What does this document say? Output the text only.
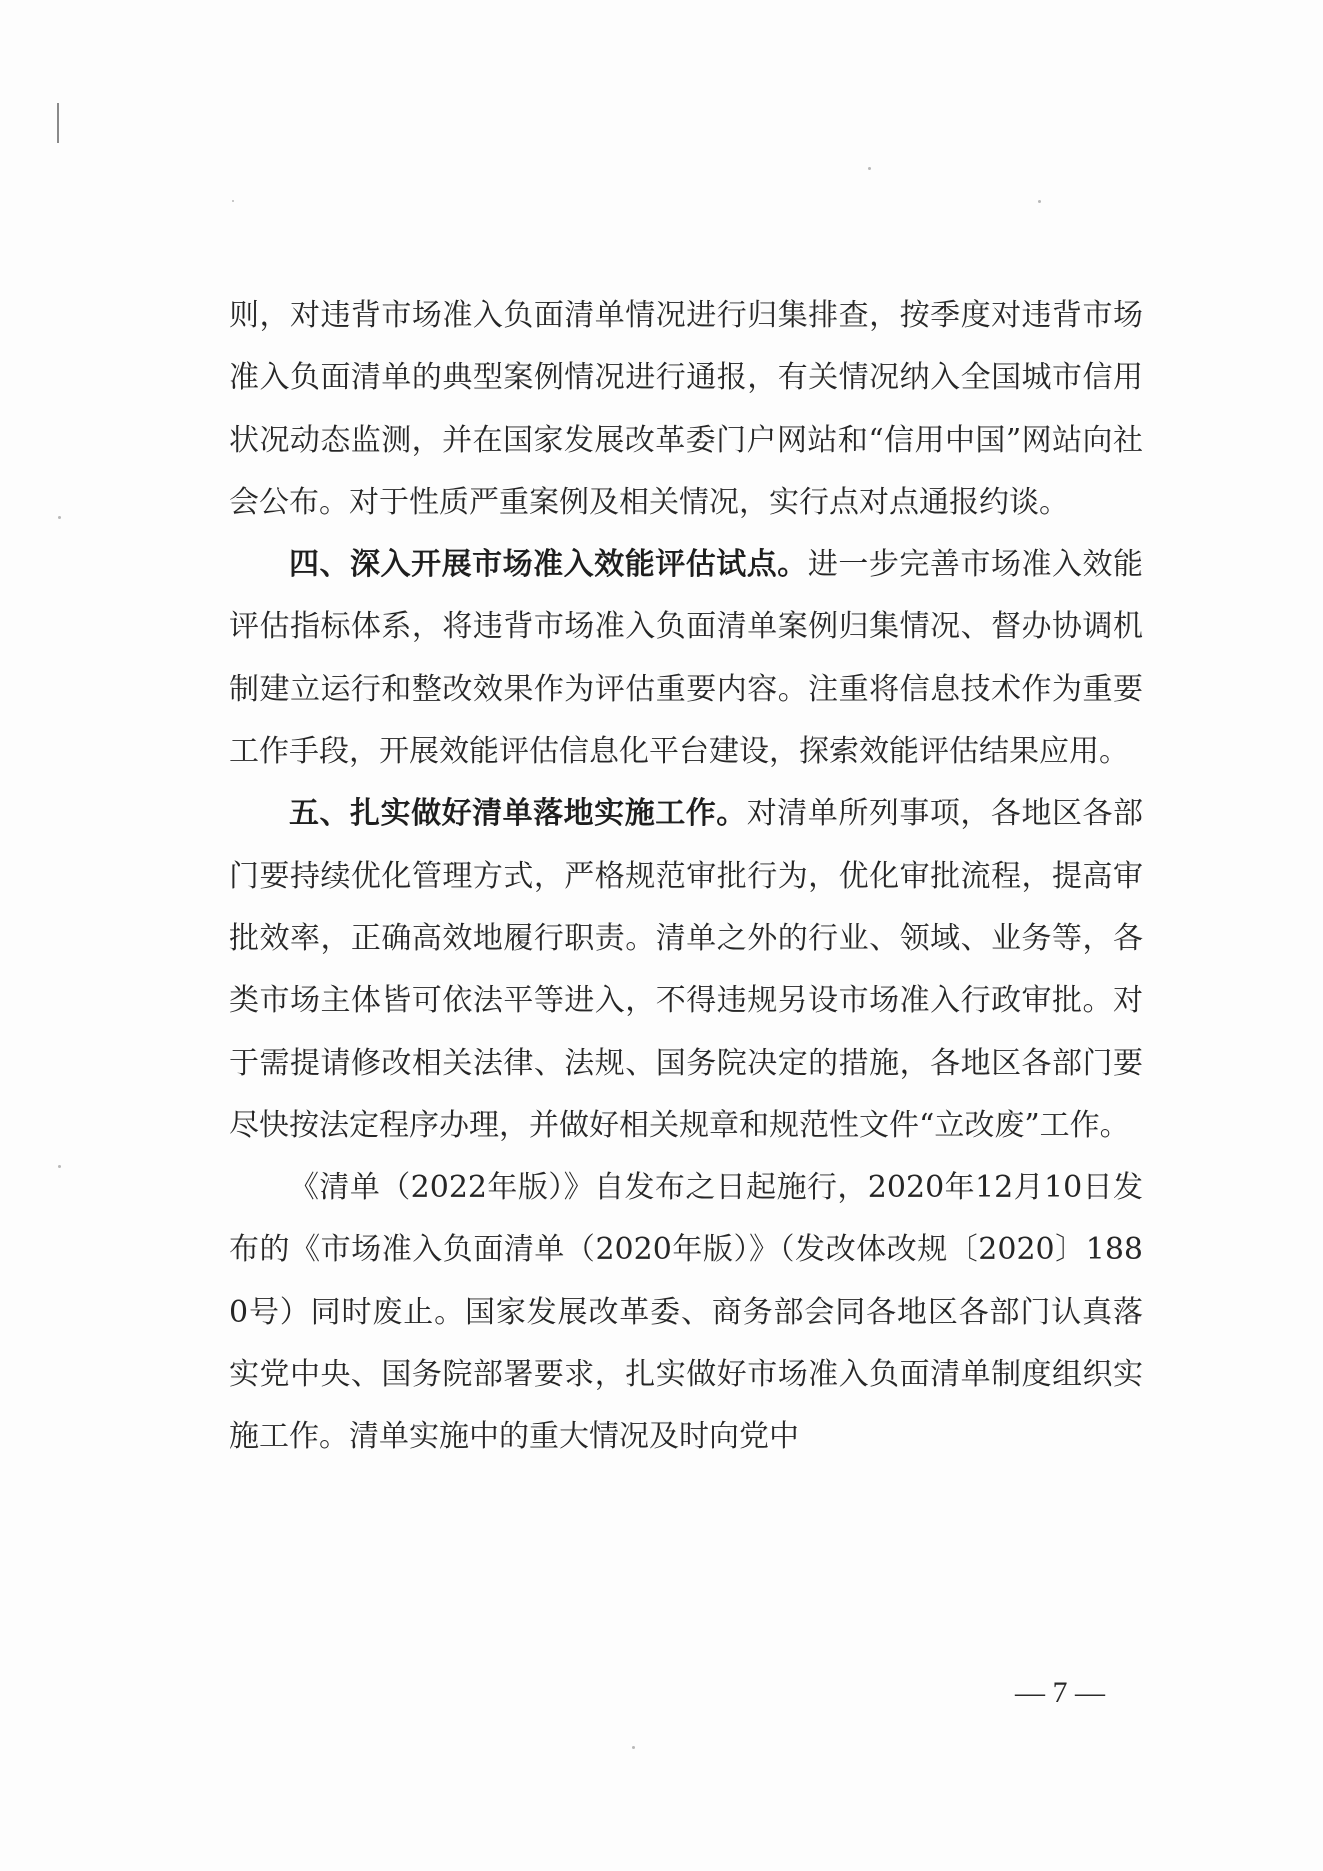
则，对违背市场准入负面清单情况进行归集排查，按季度对违背市场准入负面清单的典型案例情况进行通报，有关情况纳入全国城市信用状况动态监测，并在国家发展改革委门户网站和“信用中国”网站向社会公布。对于性质严重案例及相关情况，实行点对点通报约谈。

四、深入开展市场准入效能评估试点。进一步完善市场准入效能评估指标体系，将违背市场准入负面清单案例归集情况、督办协调机制建立运行和整改效果作为评估重要内容。注重将信息技术作为重要工作手段，开展效能评估信息化平台建设，探索效能评估结果应用。

五、扎实做好清单落地实施工作。对清单所列事项，各地区各部门要持续优化管理方式，严格规范审批行为，优化审批流程，提高审批效率，正确高效地履行职责。清单之外的行业、领域、业务等，各类市场主体皆可依法平等进入，不得违规另设市场准入行政审批。对于需提请修改相关法律、法规、国务院决定的措施，各地区各部门要尽快按法定程序办理，并做好相关规章和规范性文件“立改废”工作。

《清单（2022年版）》自发布之日起施行，2020年12月10日发布的《市场准入负面清单（2020年版）》（发改体改规〔2020〕1880号）同时废止。国家发展改革委、商务部会同各地区各部门认真落实党中央、国务院部署要求，扎实做好市场准入负面清单制度组织实施工作。清单实施中的重大情况及时向党中

— 7 —
